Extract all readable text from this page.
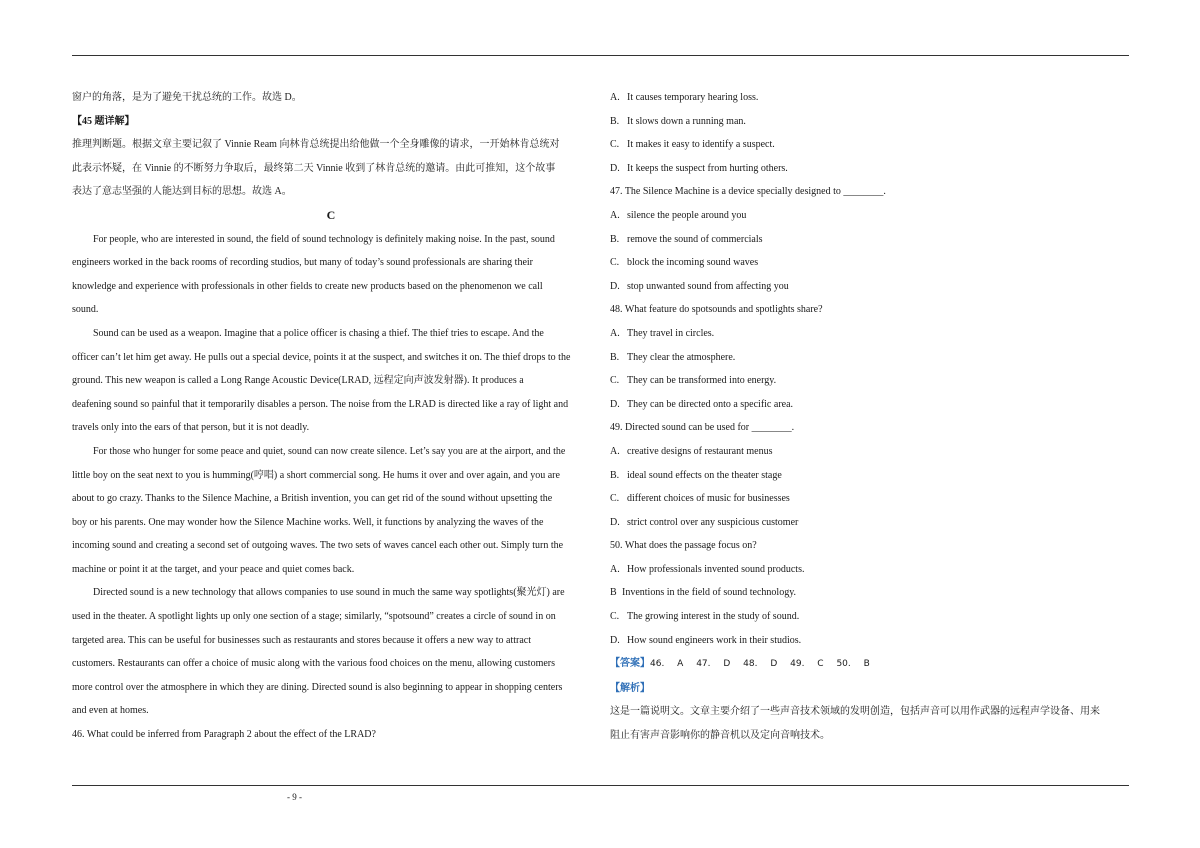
窗户的角落，是为了避免干扰总统的工作。故选 D。
【45 题详解】
推理判断题。根据文章主要记叙了 Vinnie Ream 向林肯总统提出给他做一个全身雕像的请求，一开始林肯总统对
此表示怀疑，在 Vinnie 的不断努力争取后，最终第二天 Vinnie 收到了林肯总统的邀请。由此可推知，这个故事
表达了意志坚强的人能达到目标的思想。故选 A。
C
For people, who are interested in sound, the field of sound technology is definitely making noise. In the past, sound
engineers worked in the back rooms of recording studios, but many of today’s sound professionals are sharing their
knowledge and experience with professionals in other fields to create new products based on the phenomenon we call
sound.
Sound can be used as a weapon. Imagine that a police officer is chasing a thief. The thief tries to escape. And the
officer can’t let him get away. He pulls out a special device, points it at the suspect, and switches it on. The thief drops to the
ground. This new weapon is called a Long Range Acoustic Device(LRAD, 远程定向声波发射器). It produces a
deafening sound so painful that it temporarily disables a person. The noise from the LRAD is directed like a ray of light and
travels only into the ears of that person, but it is not deadly.
For those who hunger for some peace and quiet, sound can now create silence. Let’s say you are at the airport, and the
little boy on the seat next to you is humming(哼唱) a short commercial song. He hums it over and over again, and you are
about to go crazy. Thanks to the Silence Machine, a British invention, you can get rid of the sound without upsetting the
boy or his parents. One may wonder how the Silence Machine works. Well, it functions by analyzing the waves of the
incoming sound and creating a second set of outgoing waves. The two sets of waves cancel each other out. Simply turn the
machine or point it at the target, and your peace and quiet comes back.
Directed sound is a new technology that allows companies to use sound in much the same way spotlights(聚光灯) are
used in the theater. A spotlight lights up only one section of a stage; similarly, “spotsound” creates a circle of sound in on
targeted area. This can be useful for businesses such as restaurants and stores because it offers a new way to attract
customers. Restaurants can offer a choice of music along with the various food choices on the menu, allowing customers
more control over the atmosphere in which they are dining. Directed sound is also beginning to appear in shopping centers
and even at homes.
46. What could be inferred from Paragraph 2 about the effect of the LRAD?
A. It causes temporary hearing loss.
B. It slows down a running man.
C. It makes it easy to identify a suspect.
D. It keeps the suspect from hurting others.
47. The Silence Machine is a device specially designed to ________.
A. silence the people around you
B. remove the sound of commercials
C. block the incoming sound waves
D. stop unwanted sound from affecting you
48. What feature do spotsounds and spotlights share?
A. They travel in circles.
B. They clear the atmosphere.
C. They can be transformed into energy.
D. They can be directed onto a specific area.
49. Directed sound can be used for ________.
A. creative designs of restaurant menus
B. ideal sound effects on the theater stage
C. different choices of music for businesses
D. strict control over any suspicious customer
50. What does the passage focus on?
A. How professionals invented sound products.
B Inventions in the field of sound technology.
C. The growing interest in the study of sound.
D. How sound engineers work in their studios.
【答案】46. A 47. D 48. D 49. C 50. B
【解析】
这是一篇说明文。文章主要介绍了一些声音技术领域的发明创造，包括声音可以用作武器的远程声学设备、用来
阻止有害声音影响你的静音机以及定向音响技术。
- 9 -
